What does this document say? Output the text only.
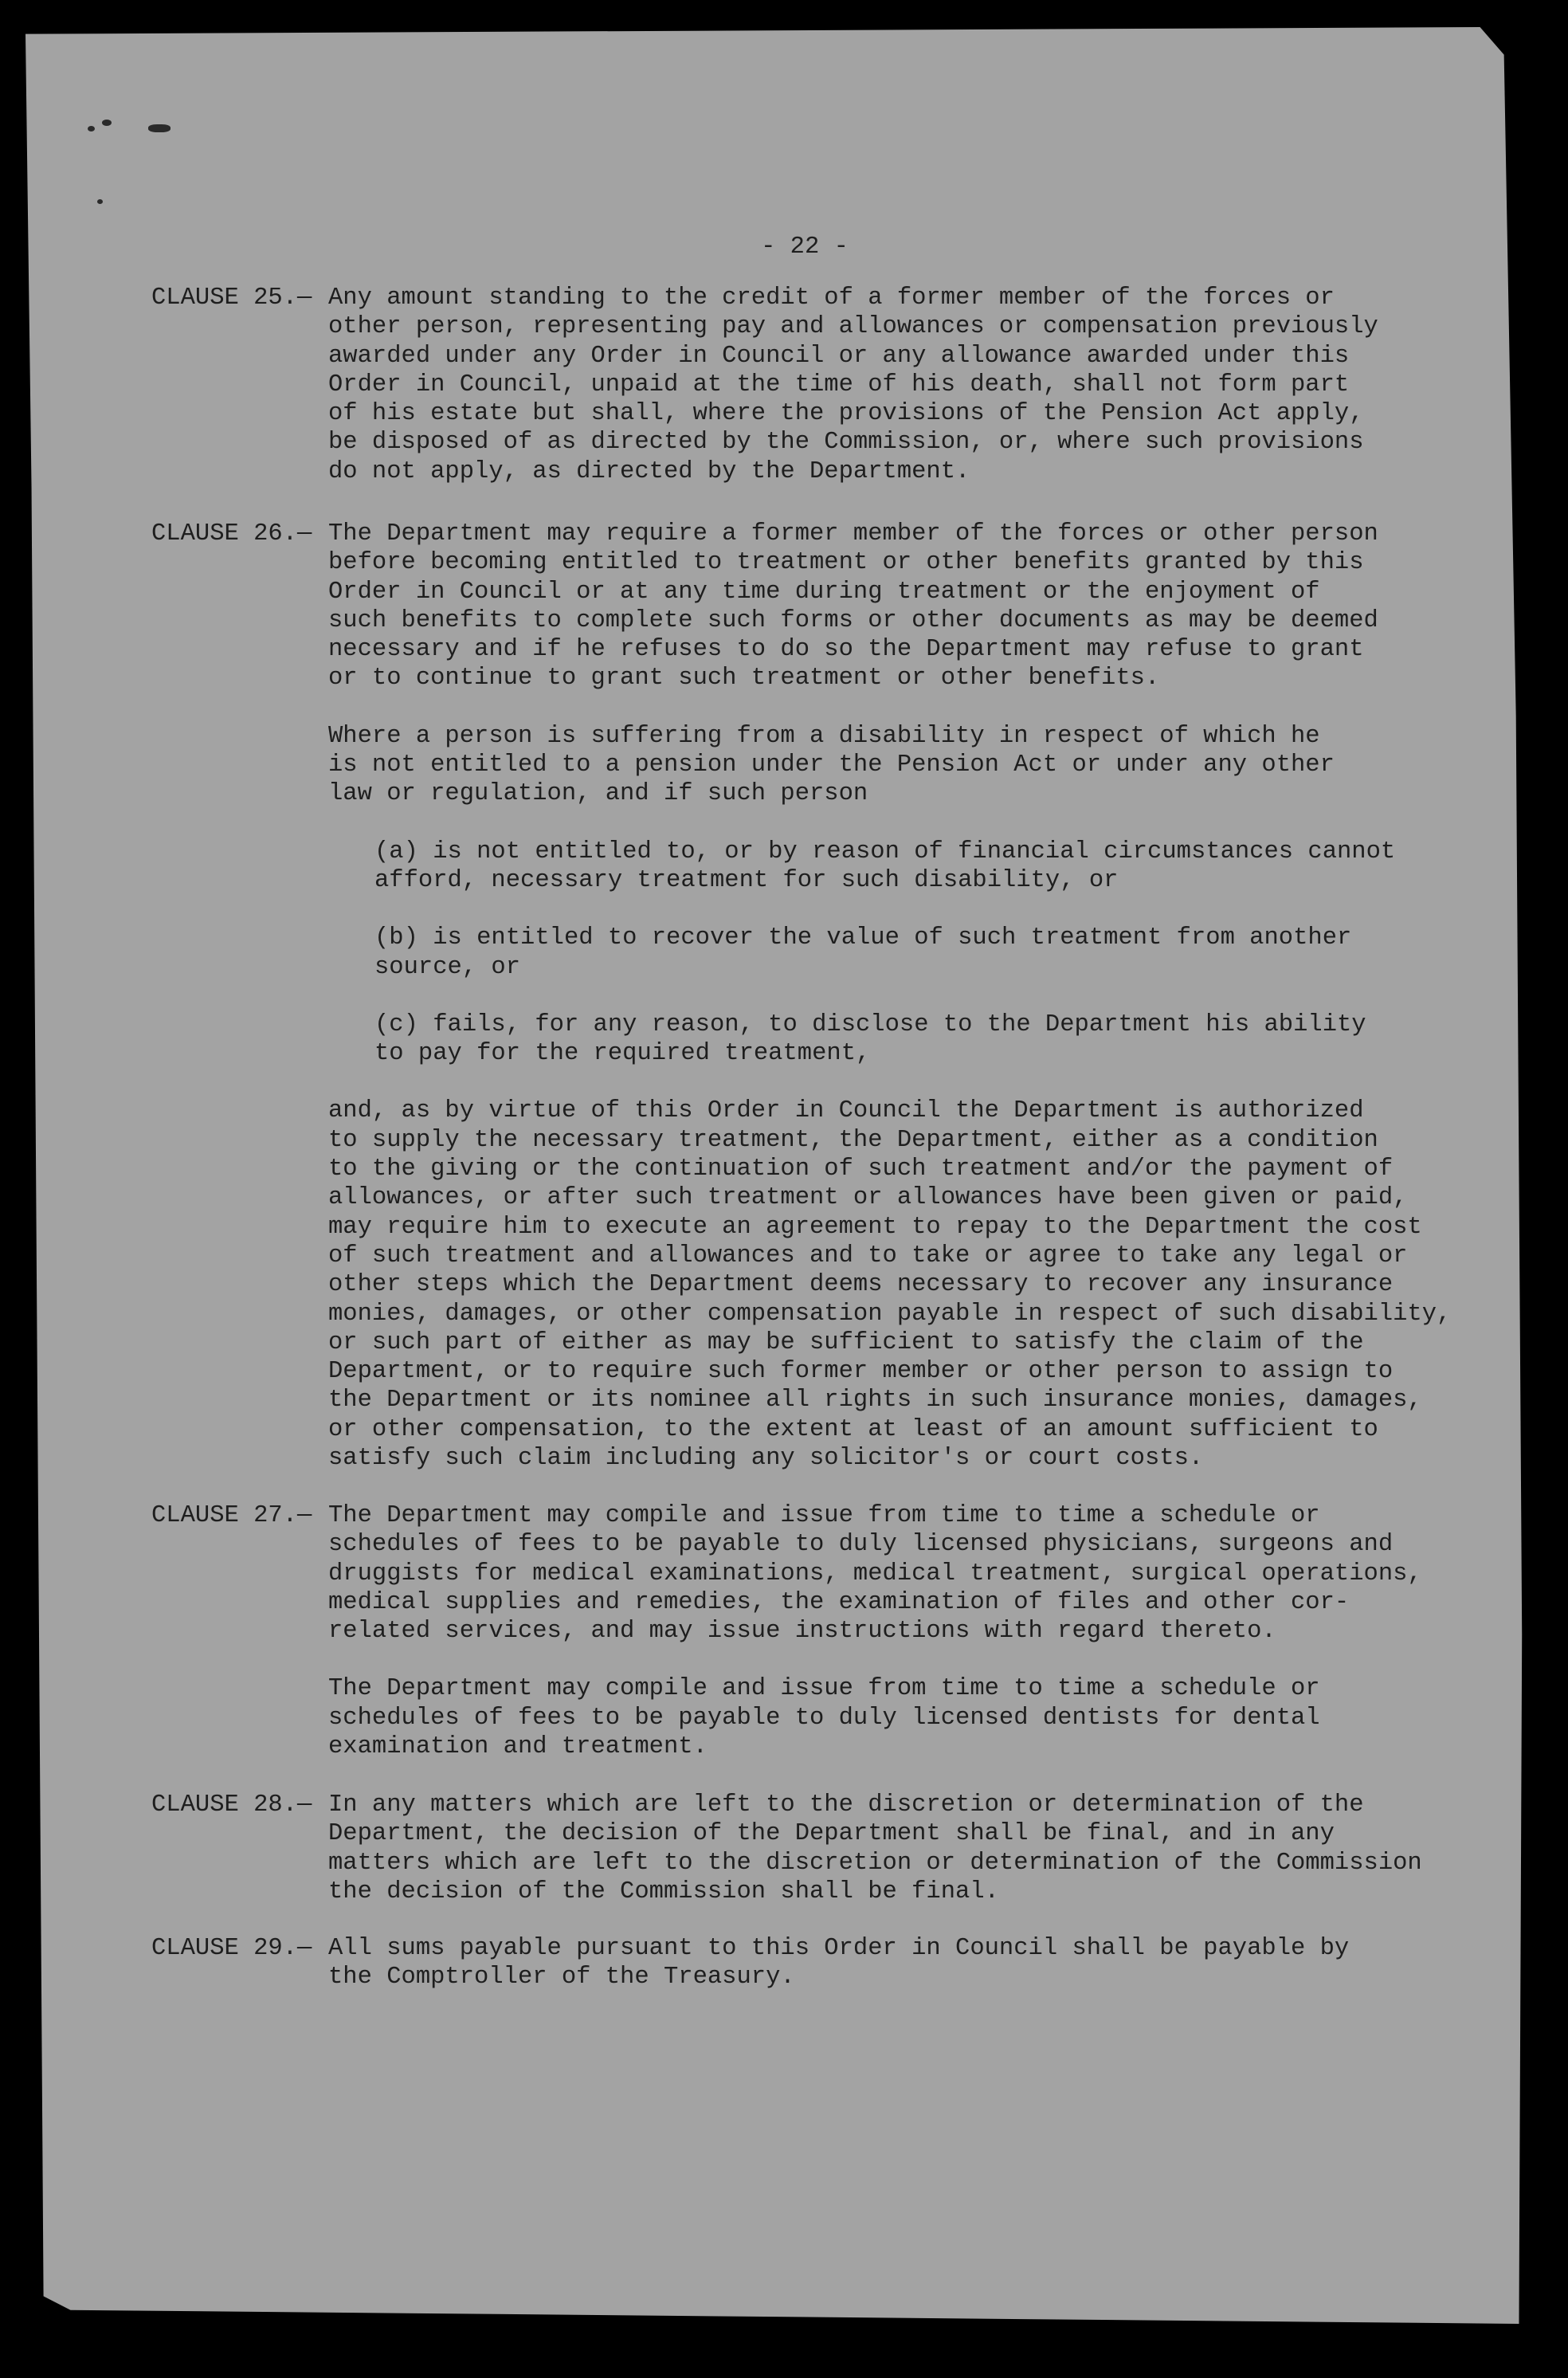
- 22 -
CLAUSE 25.— Any amount standing to the credit of a former member of the forces or
other person, representing pay and allowances or compensation previously
awarded under any Order in Council or any allowance awarded under this
Order in Council, unpaid at the time of his death, shall not form part
of his estate but shall, where the provisions of the Pension Act apply,
be disposed of as directed by the Commission, or, where such provisions
do not apply, as directed by the Department.

CLAUSE 26.— The Department may require a former member of the forces or other person
before becoming entitled to treatment or other benefits granted by this
Order in Council or at any time during treatment or the enjoyment of
such benefits to complete such forms or other documents as may be deemed
necessary and if he refuses to do so the Department may refuse to grant
or to continue to grant such treatment or other benefits.

Where a person is suffering from a disability in respect of which he
is not entitled to a pension under the Pension Act or under any other
law or regulation, and if such person

(a) is not entitled to, or by reason of financial circumstances cannot
afford, necessary treatment for such disability, or

(b) is entitled to recover the value of such treatment from another
source, or

(c) fails, for any reason, to disclose to the Department his ability
to pay for the required treatment,

and, as by virtue of this Order in Council the Department is authorized
to supply the necessary treatment, the Department, either as a condition
to the giving or the continuation of such treatment and/or the payment of
allowances, or after such treatment or allowances have been given or paid,
may require him to execute an agreement to repay to the Department the cost
of such treatment and allowances and to take or agree to take any legal or
other steps which the Department deems necessary to recover any insurance
monies, damages, or other compensation payable in respect of such disability,
or such part of either as may be sufficient to satisfy the claim of the
Department, or to require such former member or other person to assign to
the Department or its nominee all rights in such insurance monies, damages,
or other compensation, to the extent at least of an amount sufficient to
satisfy such claim including any solicitor's or court costs.

CLAUSE 27.— The Department may compile and issue from time to time a schedule or
schedules of fees to be payable to duly licensed physicians, surgeons and
druggists for medical examinations, medical treatment, surgical operations,
medical supplies and remedies, the examination of files and other cor-
related services, and may issue instructions with regard thereto.

The Department may compile and issue from time to time a schedule or
schedules of fees to be payable to duly licensed dentists for dental
examination and treatment.

CLAUSE 28.— In any matters which are left to the discretion or determination of the
Department, the decision of the Department shall be final, and in any
matters which are left to the discretion or determination of the Commission
the decision of the Commission shall be final.

CLAUSE 29.— All sums payable pursuant to this Order in Council shall be payable by
the Comptroller of the Treasury.
